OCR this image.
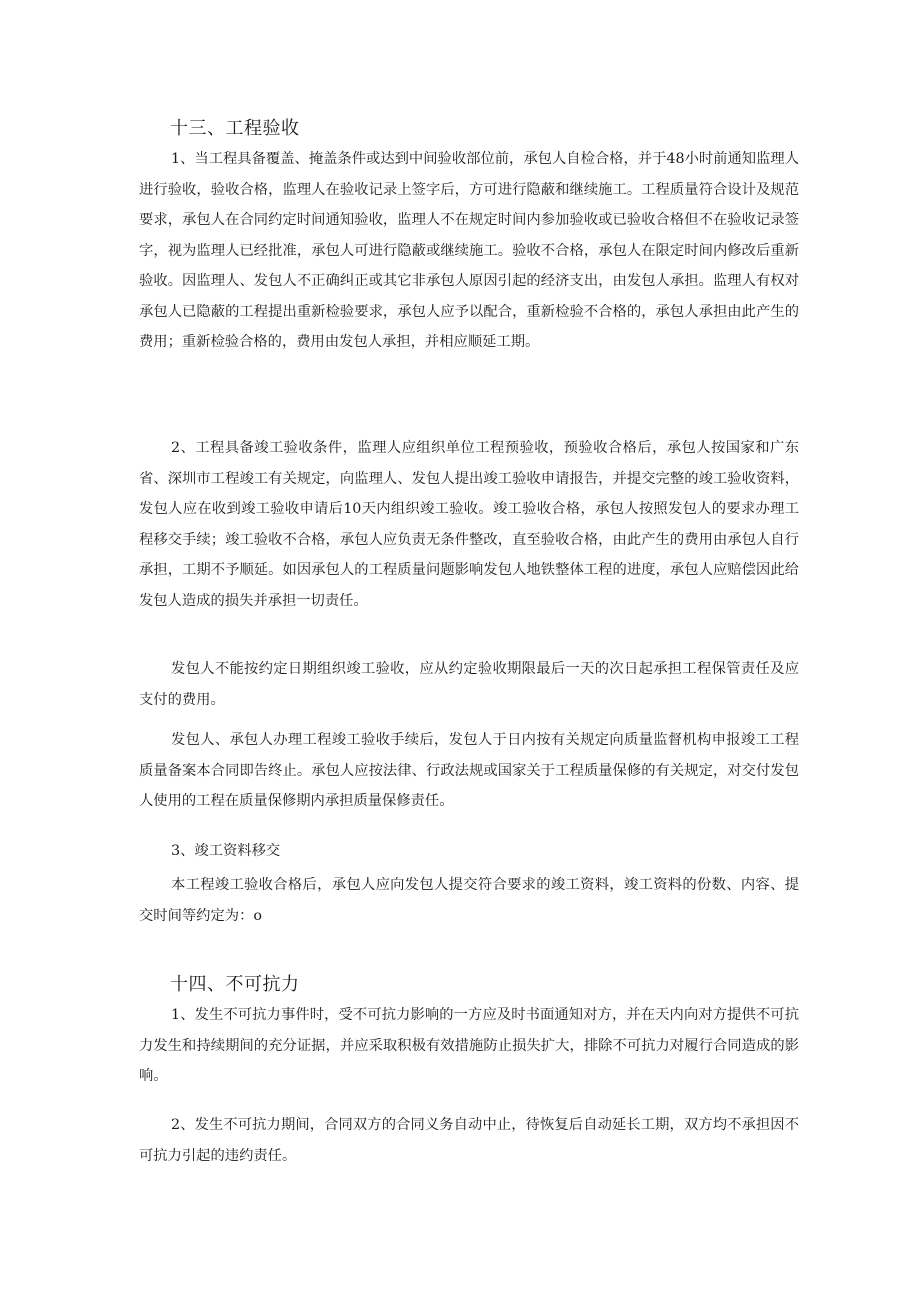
十三、工程验收

1、当工程具备覆盖、掩盖条件或达到中间验收部位前，承包人自检合格，并于48小时前通知监理人进行验收，验收合格，监理人在验收记录上签字后，方可进行隐蔽和继续施工。工程质量符合设计及规范要求，承包人在合同约定时间通知验收，监理人不在规定时间内参加验收或已验收合格但不在验收记录签字，视为监理人已经批准，承包人可进行隐蔽或继续施工。验收不合格，承包人在限定时间内修改后重新验收。因监理人、发包人不正确纠正或其它非承包人原因引起的经济支出，由发包人承担。监理人有权对承包人已隐蔽的工程提出重新检验要求，承包人应予以配合，重新检验不合格的，承包人承担由此产生的费用；重新检验合格的，费用由发包人承担，并相应顺延工期。

2、工程具备竣工验收条件，监理人应组织单位工程预验收，预验收合格后，承包人按国家和广东省、深圳市工程竣工有关规定，向监理人、发包人提出竣工验收申请报告，并提交完整的竣工验收资料，发包人应在收到竣工验收申请后10天内组织竣工验收。竣工验收合格，承包人按照发包人的要求办理工程移交手续；竣工验收不合格，承包人应负责无条件整改，直至验收合格，由此产生的费用由承包人自行承担，工期不予顺延。如因承包人的工程质量问题影响发包人地铁整体工程的进度，承包人应赔偿因此给发包人造成的损失并承担一切责任。

发包人不能按约定日期组织竣工验收，应从约定验收期限最后一天的次日起承担工程保管责任及应支付的费用。

发包人、承包人办理工程竣工验收手续后，发包人于日内按有关规定向质量监督机构申报竣工工程质量备案本合同即告终止。承包人应按法律、行政法规或国家关于工程质量保修的有关规定，对交付发包人使用的工程在质量保修期内承担质量保修责任。

3、竣工资料移交

本工程竣工验收合格后，承包人应向发包人提交符合要求的竣工资料，竣工资料的份数、内容、提交时间等约定为：o

十四、不可抗力

1、发生不可抗力事件时，受不可抗力影响的一方应及时书面通知对方，并在天内向对方提供不可抗力发生和持续期间的充分证据，并应采取积极有效措施防止损失扩大，排除不可抗力对履行合同造成的影响。

2、发生不可抗力期间，合同双方的合同义务自动中止，待恢复后自动延长工期，双方均不承担因不可抗力引起的违约责任。
